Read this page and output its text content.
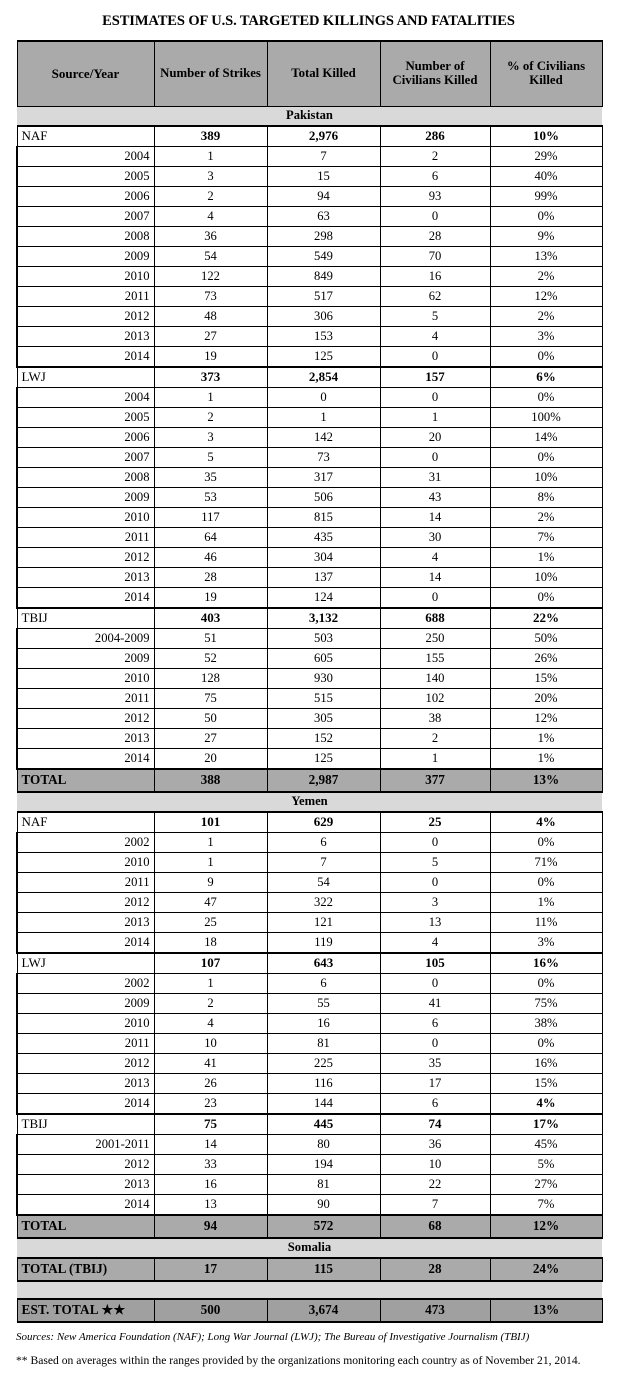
ESTIMATES OF U.S. TARGETED KILLINGS AND FATALITIES
Source/Year	Number of Strikes	Total Killed	Number of Civilians Killed	% of Civilians Killed
Pakistan				
NAF	389	2,976	286	10%
2004	1	7	2	29%
2005	3	15	6	40%
2006	2	94	93	99%
2007	4	63	0	0%
2008	36	298	28	9%
2009	54	549	70	13%
2010	122	849	16	2%
2011	73	517	62	12%
2012	48	306	5	2%
2013	27	153	4	3%
2014	19	125	0	0%
LWJ	373	2,854	157	6%
2004	1	0	0	0%
2005	2	1	1	100%
2006	3	142	20	14%
2007	5	73	0	0%
2008	35	317	31	10%
2009	53	506	43	8%
2010	117	815	14	2%
2011	64	435	30	7%
2012	46	304	4	1%
2013	28	137	14	10%
2014	19	124	0	0%
TBIJ	403	3,132	688	22%
2004-2009	51	503	250	50%
2009	52	605	155	26%
2010	128	930	140	15%
2011	75	515	102	20%
2012	50	305	38	12%
2013	27	152	2	1%
2014	20	125	1	1%
TOTAL	388	2,987	377	13%
Yemen				
NAF	101	629	25	4%
2002	1	6	0	0%
2010	1	7	5	71%
2011	9	54	0	0%
2012	47	322	3	1%
2013	25	121	13	11%
2014	18	119	4	3%
LWJ	107	643	105	16%
2002	1	6	0	0%
2009	2	55	41	75%
2010	4	16	6	38%
2011	10	81	0	0%
2012	41	225	35	16%
2013	26	116	17	15%
2014	23	144	6	4%
TBIJ	75	445	74	17%
2001-2011	14	80	36	45%
2012	33	194	10	5%
2013	16	81	22	27%
2014	13	90	7	7%
TOTAL	94	572	68	12%
Somalia				
TOTAL (TBIJ)	17	115	28	24%

EST. TOTAL ★★	500	3,674	473	13%
Sources: New America Foundation (NAF); Long War Journal (LWJ); The Bureau of Investigative Journalism (TBIJ)
** Based on averages within the ranges provided by the organizations monitoring each country as of November 21, 2014.
